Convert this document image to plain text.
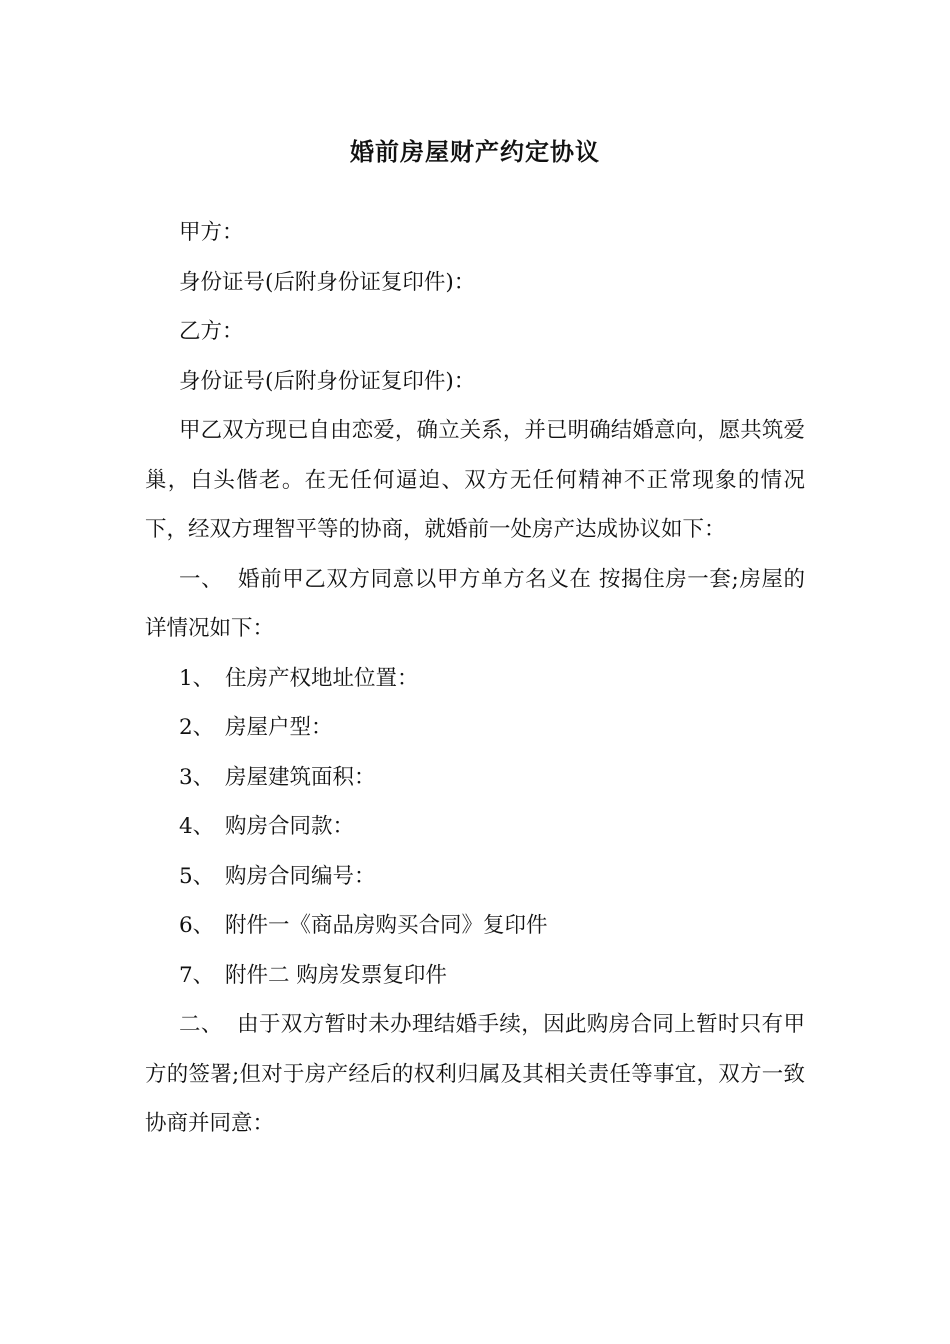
婚前房屋财产约定协议

甲方：

身份证号(后附身份证复印件)：

乙方：

身份证号(后附身份证复印件)：

甲乙双方现已自由恋爱，确立关系，并已明确结婚意向，愿共筑爱巢，白头偕老。在无任何逼迫、双方无任何精神不正常现象的情况下，经双方理智平等的协商，就婚前一处房产达成协议如下：

一、  婚前甲乙双方同意以甲方单方名义在 按揭住房一套;房屋的详情况如下：

1、 住房产权地址位置：

2、 房屋户型：

3、 房屋建筑面积：

4、 购房合同款：

5、 购房合同编号：

6、 附件一《商品房购买合同》复印件

7、 附件二 购房发票复印件

二、  由于双方暂时未办理结婚手续，因此购房合同上暂时只有甲方的签署;但对于房产经后的权利归属及其相关责任等事宜，双方一致协商并同意：
